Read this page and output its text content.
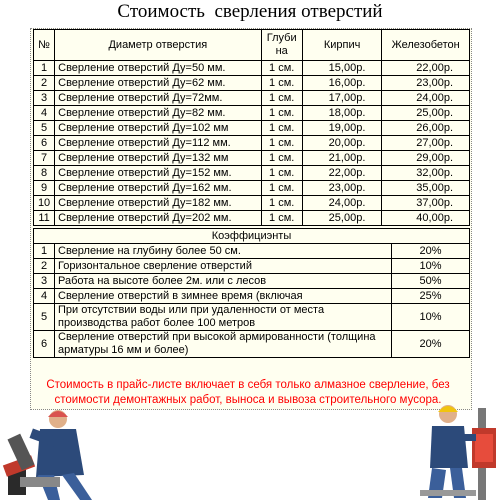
Стоимость  сверления отверстий
№	Диаметр отверстия	Глубина	Кирпич	Железобетон
1	Сверление отверстий Ду=50 мм.	1 см.	15,00р.	22,00р.
2	Сверление отверстий Ду=62 мм.	1 см.	16,00р.	23,00р.
3	Сверление отверстий Ду=72мм.	1 см.	17,00р.	24,00р.
4	Сверление отверстий Ду=82 мм.	1 см.	18,00р.	25,00р.
5	Сверление отверстий Ду=102 мм	1 см.	19,00р.	26,00р.
6	Сверление отверстий Ду=112 мм.	1 см.	20,00р.	27,00р.
7	Сверление отверстий Ду=132 мм	1 см.	21,00р.	29,00р.
8	Сверление отверстий Ду=152 мм.	1 см.	22,00р.	32,00р.
9	Сверление отверстий Ду=162 мм.	1 см.	23,00р.	35,00р.
10	Сверление отверстий Ду=182 мм.	1 см.	24,00р.	37,00р.
11	Сверление отверстий Ду=202 мм.	1 см.	25,00р.	40,00р.
Коэффициэнты		
1	Сверление на глубину более 50 см.	20%
2	Горизонтальное сверление отверстий	10%
3	Работа на высоте более 2м. или с лесов	50%
4	Сверление отверстий в зимнее время (включая	25%
5	При отсутствии воды или при удаленности от места производства работ более 100 метров	10%
6	Сверление отверстий при высокой армированности (толщина арматуры 16 мм и более)	20%
Стоимость в прайс-листе включает в себя только алмазное сверление, без стоимости демонтажных работ, выноса и вывоза строительного мусора.
